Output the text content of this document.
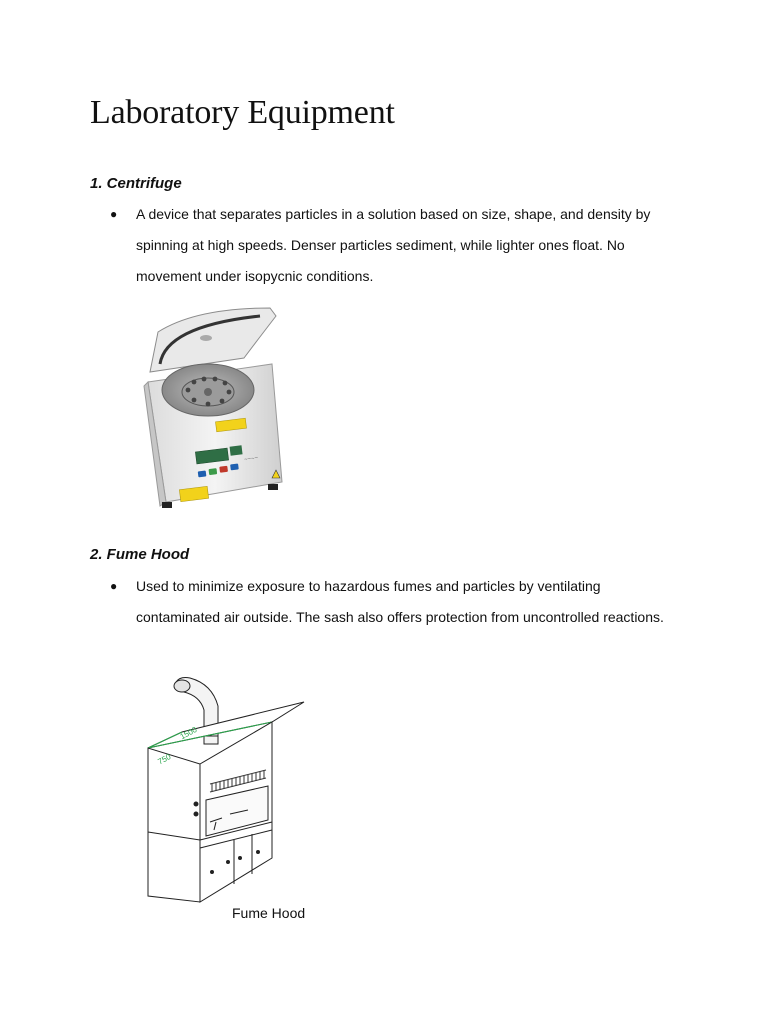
Laboratory Equipment
1. Centrifuge
● A device that separates particles in a solution based on size, shape, and density by spinning at high speeds. Denser particles sediment, while lighter ones float. No movement under isopycnic conditions.
~~~~
2. Fume Hood
● Used to minimize exposure to hazardous fumes and particles by ventilating contaminated air outside. The sash also offers protection from uncontrolled reactions.
1500
750
Fume Hood
